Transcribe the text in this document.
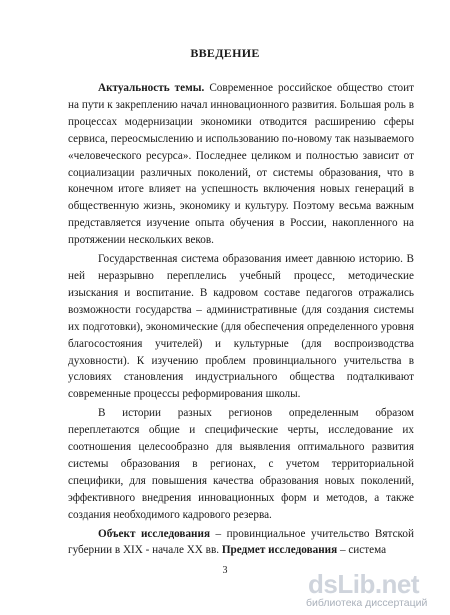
ВВЕДЕНИЕ

Актуальность темы. Современное российское общество стоит на пути к закреплению начал инновационного развития. Большая роль в процессах модернизации экономики отводится расширению сферы сервиса, переосмыслению и использованию по-новому так называемого «человеческого ресурса». Последнее целиком и полностью зависит от социализации различных поколений, от системы образования, что в конечном итоге влияет на успешность включения новых генераций в общественную жизнь, экономику и культуру. Поэтому весьма важным представляется изучение опыта обучения в России, накопленного на протяжении нескольких веков.

Государственная система образования имеет давнюю историю. В ней неразрывно переплелись учебный процесс, методические изыскания и воспитание. В кадровом составе педагогов отражались возможности государства – административные (для создания системы их подготовки), экономические (для обеспечения определенного уровня благосостояния учителей) и культурные (для воспроизводства духовности). К изучению проблем провинциального учительства в условиях становления индустриального общества подталкивают современные процессы реформирования школы.

В истории разных регионов определенным образом переплетаются общие и специфические черты, исследование их соотношения целесообразно для выявления оптимального развития системы образования в регионах, с учетом территориальной специфики, для повышения качества образования новых поколений, эффективного внедрения инновационных форм и методов, а также создания необходимого кадрового резерва.

Объект исследования – провинциальное учительство Вятской губернии в XIX - начале XX вв. Предмет исследования – система

3	dsLib.net
библиотека диссертаций
